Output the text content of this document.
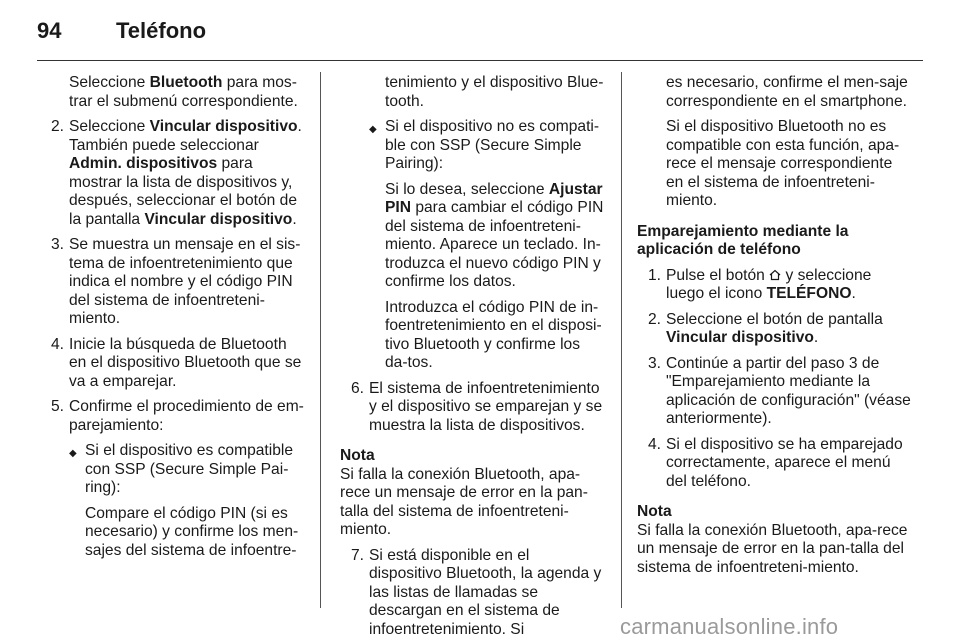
94 Teléfono

Seleccione Bluetooth para mos-trar el submenú correspondiente.

2. Seleccione Vincular dispositivo. También puede seleccionar Admin. dispositivos para mostrar la lista de dispositivos y, después, seleccionar el botón de la pantalla Vincular dispositivo.
3. Se muestra un mensaje en el sis-tema de infoentretenimiento que indica el nombre y el código PIN del sistema de infoentreteni-miento.
4. Inicie la búsqueda de Bluetooth en el dispositivo Bluetooth que se va a emparejar.
5. Confirme el procedimiento de em-parejamiento:
◆ Si el dispositivo es compatible con SSP (Secure Simple Pai-ring):

Compare el código PIN (si es necesario) y confirme los men-sajes del sistema de infoentre-

tenimiento y el dispositivo Blue-tooth.

◆ Si el dispositivo no es compati-ble con SSP (Secure Simple Pairing):

Si lo desea, seleccione Ajustar PIN para cambiar el código PIN del sistema de infoentreteni-miento. Aparece un teclado. In-troduzca el nuevo código PIN y confirme los datos.

Introduzca el código PIN de in-foentretenimiento en el disposi-tivo Bluetooth y confirme los da-tos.

6. El sistema de infoentretenimiento y el dispositivo se emparejan y se muestra la lista de dispositivos.

Nota

Si falla la conexión Bluetooth, apa-rece un mensaje de error en la pan-talla del sistema de infoentreteni-miento.

7. Si está disponible en el dispositivo Bluetooth, la agenda y las listas de llamadas se descargan en el sistema de infoentretenimiento. Si

es necesario, confirme el men-saje correspondiente en el smartphone.

Si el dispositivo Bluetooth no es compatible con esta función, apa-rece el mensaje correspondiente en el sistema de infoentreteni-miento.

Emparejamiento mediante la aplicación de teléfono

1. Pulse el botón  y seleccione luego el icono TELÉFONO.
2. Seleccione el botón de pantalla Vincular dispositivo.
3. Continúe a partir del paso 3 de "Emparejamiento mediante la aplicación de configuración" (véase anteriormente).
4. Si el dispositivo se ha emparejado correctamente, aparece el menú del teléfono.

Nota

Si falla la conexión Bluetooth, apa-rece un mensaje de error en la pan-talla del sistema de infoentreteni-miento.

carmanualsonline.info
